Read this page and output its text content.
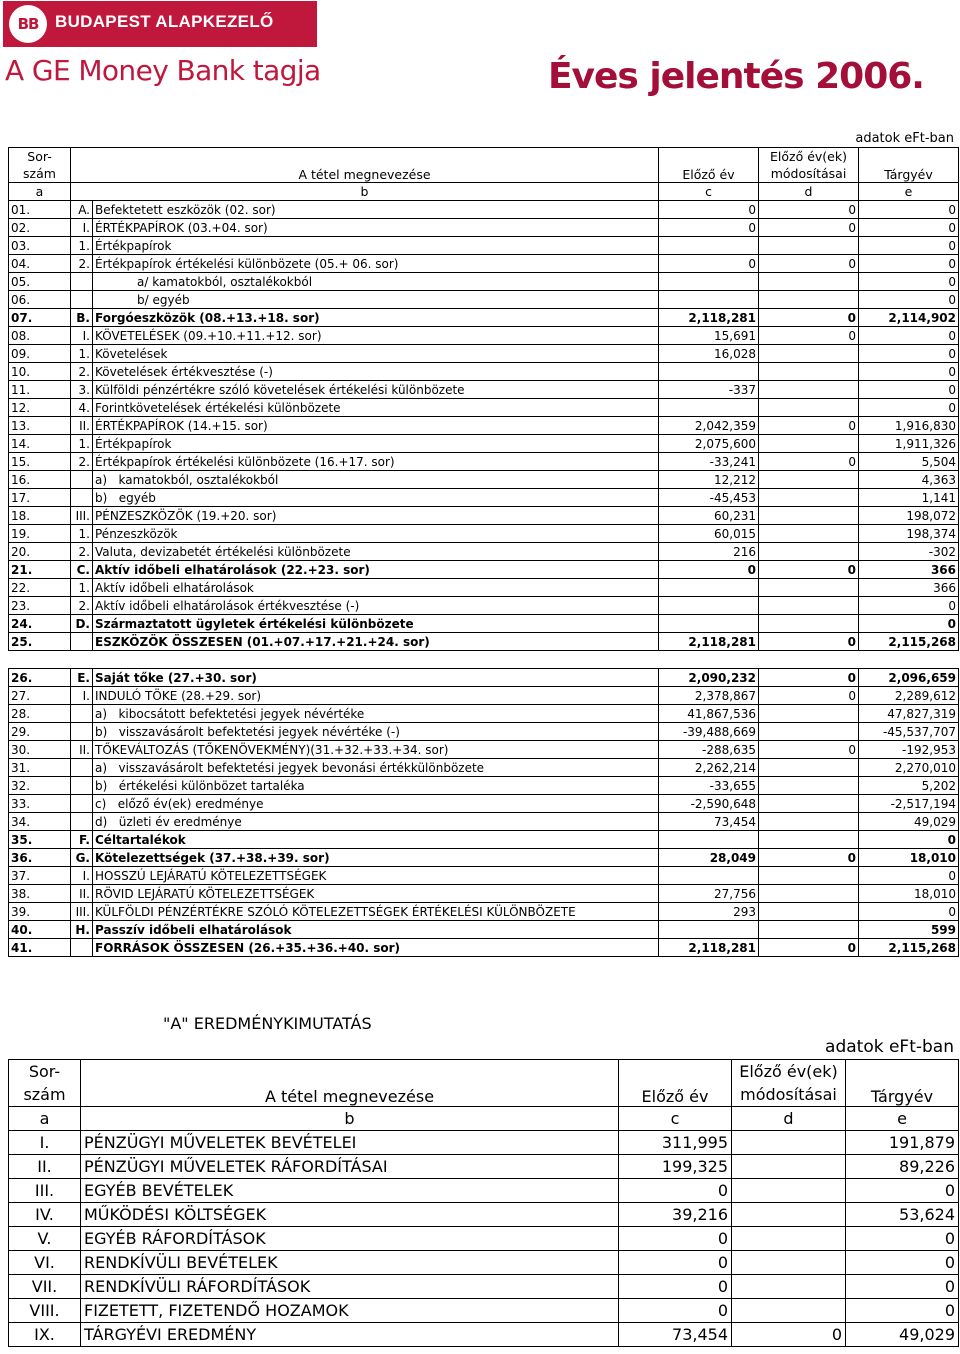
BB BUDAPEST ALAPKEZELŐ
A GE Money Bank tagja	Éves jelentés 2006.
adatok eFt-ban
Sor-
szám	A tétel megnevezése		Előző év	Előző év(ek)
módosításai	Tárgyév
a	b		c	d	e
01.	A.	Befektetett eszközök (02. sor)	0	0	0
02.	I.	ÉRTÉKPAPÍROK (03.+04. sor)	0	0	0
03.	1.	Értékpapírok			0
04.	2.	Értékpapírok értékelési különbözete (05.+ 06. sor)	0	0	0
05.		a/ kamatokból, osztalékokból			0
06.		b/ egyéb			0
07.	B.	Forgóeszközök (08.+13.+18. sor)	2,118,281	0	2,114,902
08.	I.	KÖVETELÉSEK (09.+10.+11.+12. sor)	15,691	0	0
09.	1.	Követelések	16,028		0
10.	2.	Követelések értékvesztése (-)			0
11.	3.	Külföldi pénzértékre szóló követelések értékelési különbözete	-337		0
12.	4.	Forintkövetelések értékelési különbözete			0
13.	II.	ÉRTÉKPAPÍROK (14.+15. sor)	2,042,359	0	1,916,830
14.	1.	Értékpapírok	2,075,600		1,911,326
15.	2.	Értékpapírok értékelési különbözete (16.+17. sor)	-33,241	0	5,504
16.		a)   kamatokból, osztalékokból	12,212		4,363
17.		b)   egyéb	-45,453		1,141
18.	III.	PÉNZESZKÖZÖK (19.+20. sor)	60,231		198,072
19.	1.	Pénzeszközök	60,015		198,374
20.	2.	Valuta, devizabetét értékelési különbözete	216		-302
21.	C.	Aktív időbeli elhatárolások (22.+23. sor)	0	0	366
22.	1.	Aktív időbeli elhatárolások			366
23.	2.	Aktív időbeli elhatárolások értékvesztése (-)			0
24.	D.	Származtatott ügyletek értékelési különbözete			0
25.		ESZKÖZÖK ÖSSZESEN (01.+07.+17.+21.+24. sor)	2,118,281	0	2,115,268

26.	E.	Saját tőke (27.+30. sor)	2,090,232	0	2,096,659
27.	I.	INDULÓ TÖKE (28.+29. sor)	2,378,867	0	2,289,612
28.		a)   kibocsátott befektetési jegyek névértéke	41,867,536		47,827,319
29.		b)   visszavásárolt befektetési jegyek névértéke (-)	-39,488,669		-45,537,707
30.	II.	TŐKEVÁLTOZÁS (TŐKENÖVEKMÉNY)(31.+32.+33.+34. sor)	-288,635	0	-192,953
31.		a)   visszavásárolt befektetési jegyek bevonási értékkülönbözete	2,262,214		2,270,010
32.		b)   értékelési különbözet tartaléka	-33,655		5,202
33.		c)   előző év(ek) eredménye	-2,590,648		-2,517,194
34.		d)   üzleti év eredménye	73,454		49,029
35.	F.	Céltartalékok			0
36.	G.	Kötelezettségek (37.+38.+39. sor)	28,049	0	18,010
37.	I.	HOSSZÚ LEJÁRATÚ KÖTELEZETTSÉGEK			0
38.	II.	RÖVID LEJÁRATÚ KÖTELEZETTSÉGEK	27,756		18,010
39.	III.	KÜLFÖLDI PÉNZÉRTÉKRE SZÓLÓ KÖTELEZETTSÉGEK ÉRTÉKELÉSI KÜLÖNBÖZETE	293		0
40.	H.	Passzív időbeli elhatárolások			599
41.		FORRÁSOK ÖSSZESEN (26.+35.+36.+40. sor)	2,118,281	0	2,115,268
"A" EREDMÉNYKIMUTATÁS
adatok eFt-ban
Sor-
szám	A tétel megnevezése	Előző év	Előző év(ek)
módosításai	Tárgyév
a	b	c	d	e
I.	PÉNZÜGYI MŰVELETEK BEVÉTELEI	311,995		191,879
II.	PÉNZÜGYI MŰVELETEK RÁFORDÍTÁSAI	199,325		89,226
III.	EGYÉB BEVÉTELEK	0		0
IV.	MŰKÖDÉSI KÖLTSÉGEK	39,216		53,624
V.	EGYÉB RÁFORDÍTÁSOK	0		0
VI.	RENDKÍVÜLI BEVÉTELEK	0		0
VII.	RENDKÍVÜLI RÁFORDÍTÁSOK	0		0
VIII.	FIZETETT, FIZETENDŐ HOZAMOK	0		0
IX.	TÁRGYÉVI EREDMÉNY	73,454	0	49,029
